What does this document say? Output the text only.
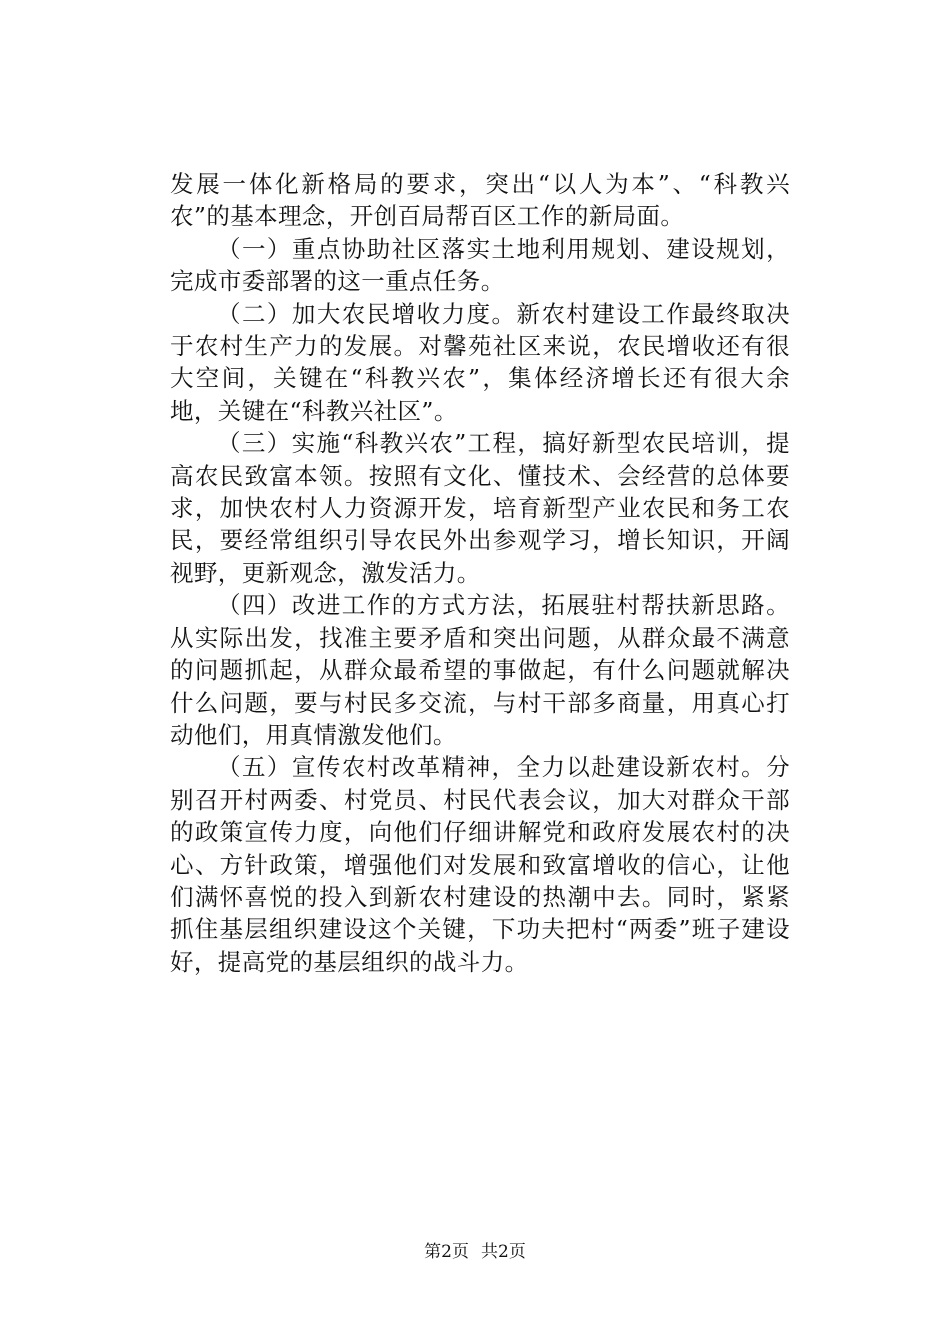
发展一体化新格局的要求，突出“以人为本”、“科教兴农”的基本理念，开创百局帮百区工作的新局面。

（一）重点协助社区落实土地利用规划、建设规划，完成市委部署的这一重点任务。

（二）加大农民增收力度。新农村建设工作最终取决于农村生产力的发展。对馨苑社区来说，农民增收还有很大空间，关键在“科教兴农”，集体经济增长还有很大余地，关键在“科教兴社区”。

（三）实施“科教兴农”工程，搞好新型农民培训，提高农民致富本领。按照有文化、懂技术、会经营的总体要求，加快农村人力资源开发，培育新型产业农民和务工农民，要经常组织引导农民外出参观学习，增长知识，开阔视野，更新观念，激发活力。

（四）改进工作的方式方法，拓展驻村帮扶新思路。从实际出发，找准主要矛盾和突出问题，从群众最不满意的问题抓起，从群众最希望的事做起，有什么问题就解决什么问题，要与村民多交流，与村干部多商量，用真心打动他们，用真情激发他们。

（五）宣传农村改革精神，全力以赴建设新农村。分别召开村两委、村党员、村民代表会议，加大对群众干部的政策宣传力度，向他们仔细讲解党和政府发展农村的决心、方针政策，增强他们对发展和致富增收的信心，让他们满怀喜悦的投入到新农村建设的热潮中去。同时，紧紧抓住基层组织建设这个关键，下功夫把村“两委”班子建设好，提高党的基层组织的战斗力。

第2页 共2页
